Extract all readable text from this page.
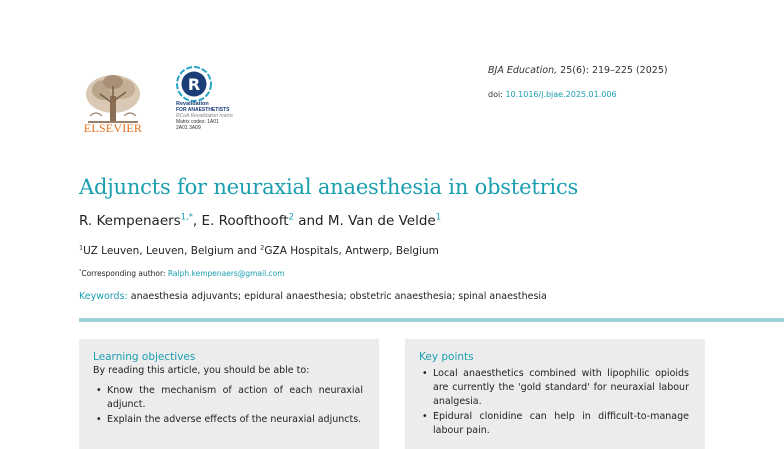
ELSEVIER
R
Revalidation
FOR ANAESTHETISTS
RCoA Revalidation matrix
Matrix codes: 1A01
2A01 3A09
BJA Education, 25(6): 219–225 (2025)
doi: 10.1016/j.bjae.2025.01.006
Adjuncts for neuraxial anaesthesia in obstetrics
R. Kempenaers$^{1,*}$, E. Roofthooft$^2$ and M. Van de Velde$^1$
$^1$UZ Leuven, Leuven, Belgium and $^2$GZA Hospitals, Antwerp, Belgium
*Corresponding author: Ralph.kempenaers@gmail.com
Keywords: anaesthesia adjuvants; epidural anaesthesia; obstetric anaesthesia; spinal anaesthesia
Learning objectives
By reading this article, you should be able to:
• Know the mechanism of action of each neuraxial adjunct.
• Explain the adverse effects of the neuraxial adjuncts.
Key points
• Local anaesthetics combined with lipophilic opioids are currently the 'gold standard' for neuraxial labour analgesia.
• Epidural clonidine can help in difficult-to-manage labour pain.
